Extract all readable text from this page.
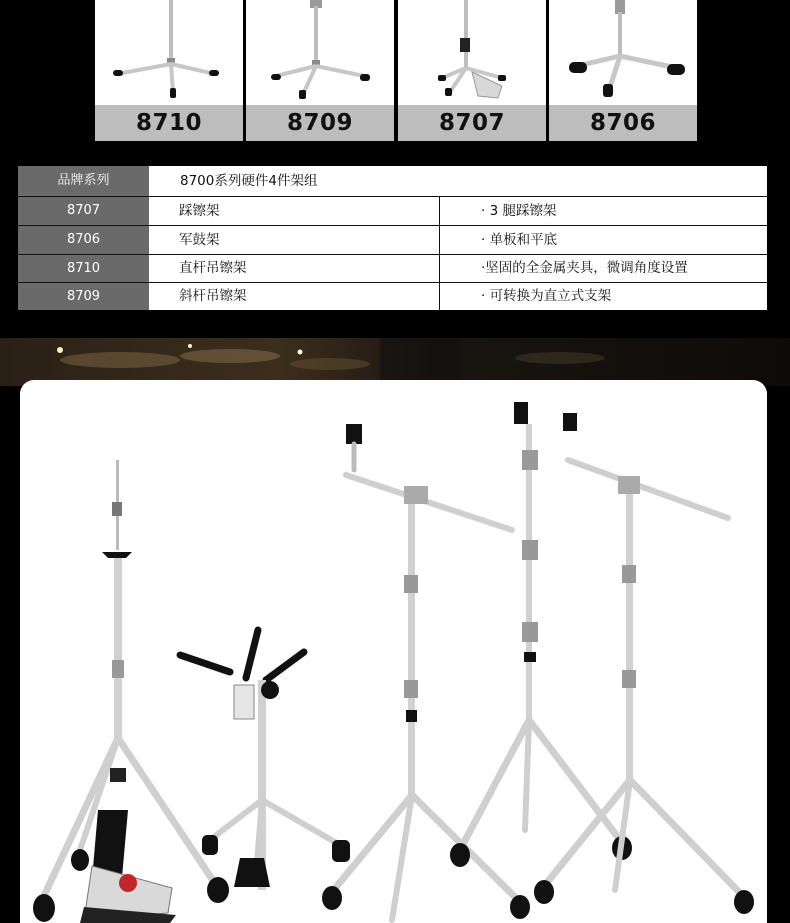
8710	8709	8707	8706
品牌系列	8700系列硬件4件架组
8707	踩镲架	· 3 腿踩镲架
8706	军鼓架	· 单板和平底
8710	直杆吊镲架	·坚固的全金属夹具，微调角度设置
8709	斜杆吊镲架	· 可转换为直立式支架
